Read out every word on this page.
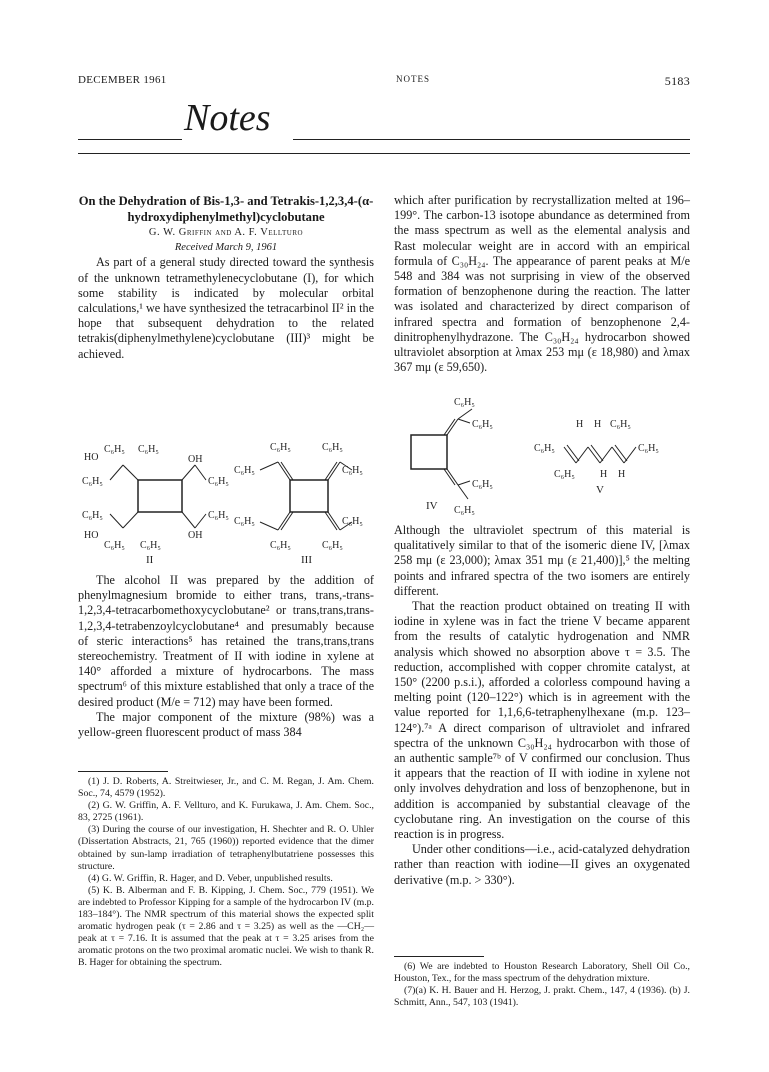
DECEMBER 1961	NOTES	5183
Notes

On the Dehydration of Bis-1,3- and Tetrakis-1,2,3,4-(α-hydroxydiphenylmethyl)cyclobutane

G. W. Griffin and A. F. Vellturo

Received March 9, 1961

As part of a general study directed toward the synthesis of the unknown tetramethylenecyclobutane (I), for which some stability is indicated by molecular orbital calculations,¹ we have synthesized the tetracarbinol II² in the hope that subsequent dehydration to the related tetrakis(diphenylmethylene)cyclobutane (III)³ might be achieved.

HO
C₆H₅ C₆H₅
OH
C₆H₅	C₆H₅
C₆H₅	C₆H₅
HO
C₆H₅ C₆H₅
OH
II
C₆H₅	C₆H₅
C₆H₅	C₆H₅
C₆H₅	C₆H₅
C₆H₅	C₆H₅
III

The alcohol II was prepared by the addition of phenylmagnesium bromide to either trans, trans,-trans-1,2,3,4-tetracarbomethoxycyclobutane² or trans,trans,trans-1,2,3,4-tetrabenzoylcyclobutane⁴ and presumably because of steric interactions⁵ has retained the trans,trans,trans stereochemistry. Treatment of II with iodine in xylene at 140° afforded a mixture of hydrocarbons. The mass spectrum⁶ of this mixture established that only a trace of the desired product (M/e = 712) may have been formed.

The major component of the mixture (98%) was a yellow-green fluorescent product of mass 384

(1) J. D. Roberts, A. Streitwieser, Jr., and C. M. Regan, J. Am. Chem. Soc., 74, 4579 (1952).

(2) G. W. Griffin, A. F. Vellturo, and K. Furukawa, J. Am. Chem. Soc., 83, 2725 (1961).

(3) During the course of our investigation, H. Shechter and R. O. Uhler (Dissertation Abstracts, 21, 765 (1960)) reported evidence that the dimer obtained by sun-lamp irradiation of tetraphenylbutatriene possesses this structure.

(4) G. W. Griffin, R. Hager, and D. Veber, unpublished results.

(5) K. B. Alberman and F. B. Kipping, J. Chem. Soc., 779 (1951). We are indebted to Professor Kipping for a sample of the hydrocarbon IV (m.p. 183–184°). The NMR spectrum of this material shows the expected split aromatic hydrogen peak (τ = 2.86 and τ = 3.25) as well as the —CH₂— peak at τ = 7.16. It is assumed that the peak at τ = 3.25 arises from the aromatic protons on the two proximal aromatic nuclei. We wish to thank R. B. Hager for obtaining the spectrum.

which after purification by recrystallization melted at 196–199°. The carbon-13 isotope abundance as determined from the mass spectrum as well as the elemental analysis and Rast molecular weight are in accord with an empirical formula of C₃₀H₂₄. The appearance of parent peaks at M/e 548 and 384 was not surprising in view of the observed formation of benzophenone during the reaction. The latter was isolated and characterized by direct comparison of infrared spectra and formation of benzophenone 2,4-dinitrophenylhydrazone. The C₃₀H₂₄ hydrocarbon showed ultraviolet absorption at λmax 253 mμ (ε 18,980) and λmax 367 mμ (ε 59,650).

C₆H₅
C₆H₅
C₆H₅
C₆H₅
IV
C₆H₅
C₆H₅
H H C₆H₅
C₆H₅
H H
V

Although the ultraviolet spectrum of this material is qualitatively similar to that of the isomeric diene IV, [λmax 258 mμ (ε 23,000); λmax 351 mμ (ε 21,400)],⁵ the melting points and infrared spectra of the two isomers are entirely different.

That the reaction product obtained on treating II with iodine in xylene was in fact the triene V became apparent from the results of catalytic hydrogenation and NMR analysis which showed no absorption above τ = 3.5. The reduction, accomplished with copper chromite catalyst, at 150° (2200 p.s.i.), afforded a colorless compound having a melting point (120–122°) which is in agreement with the value reported for 1,1,6,6-tetraphenylhexane (m.p. 123–124°).⁷ᵃ A direct comparison of ultraviolet and infrared spectra of the unknown C₃₀H₂₄ hydrocarbon with those of an authentic sample⁷ᵇ of V confirmed our conclusion. Thus it appears that the reaction of II with iodine in xylene not only involves dehydration and loss of benzophenone, but in addition is accompanied by substantial cleavage of the cyclobutane ring. An investigation on the course of this reaction is in progress.

Under other conditions—i.e., acid-catalyzed dehydration rather than reaction with iodine—II gives an oxygenated derivative (m.p. > 330°).

(6) We are indebted to Houston Research Laboratory, Shell Oil Co., Houston, Tex., for the mass spectrum of the dehydration mixture.

(7)(a) K. H. Bauer and H. Herzog, J. prakt. Chem., 147, 4 (1936). (b) J. Schmitt, Ann., 547, 103 (1941).
